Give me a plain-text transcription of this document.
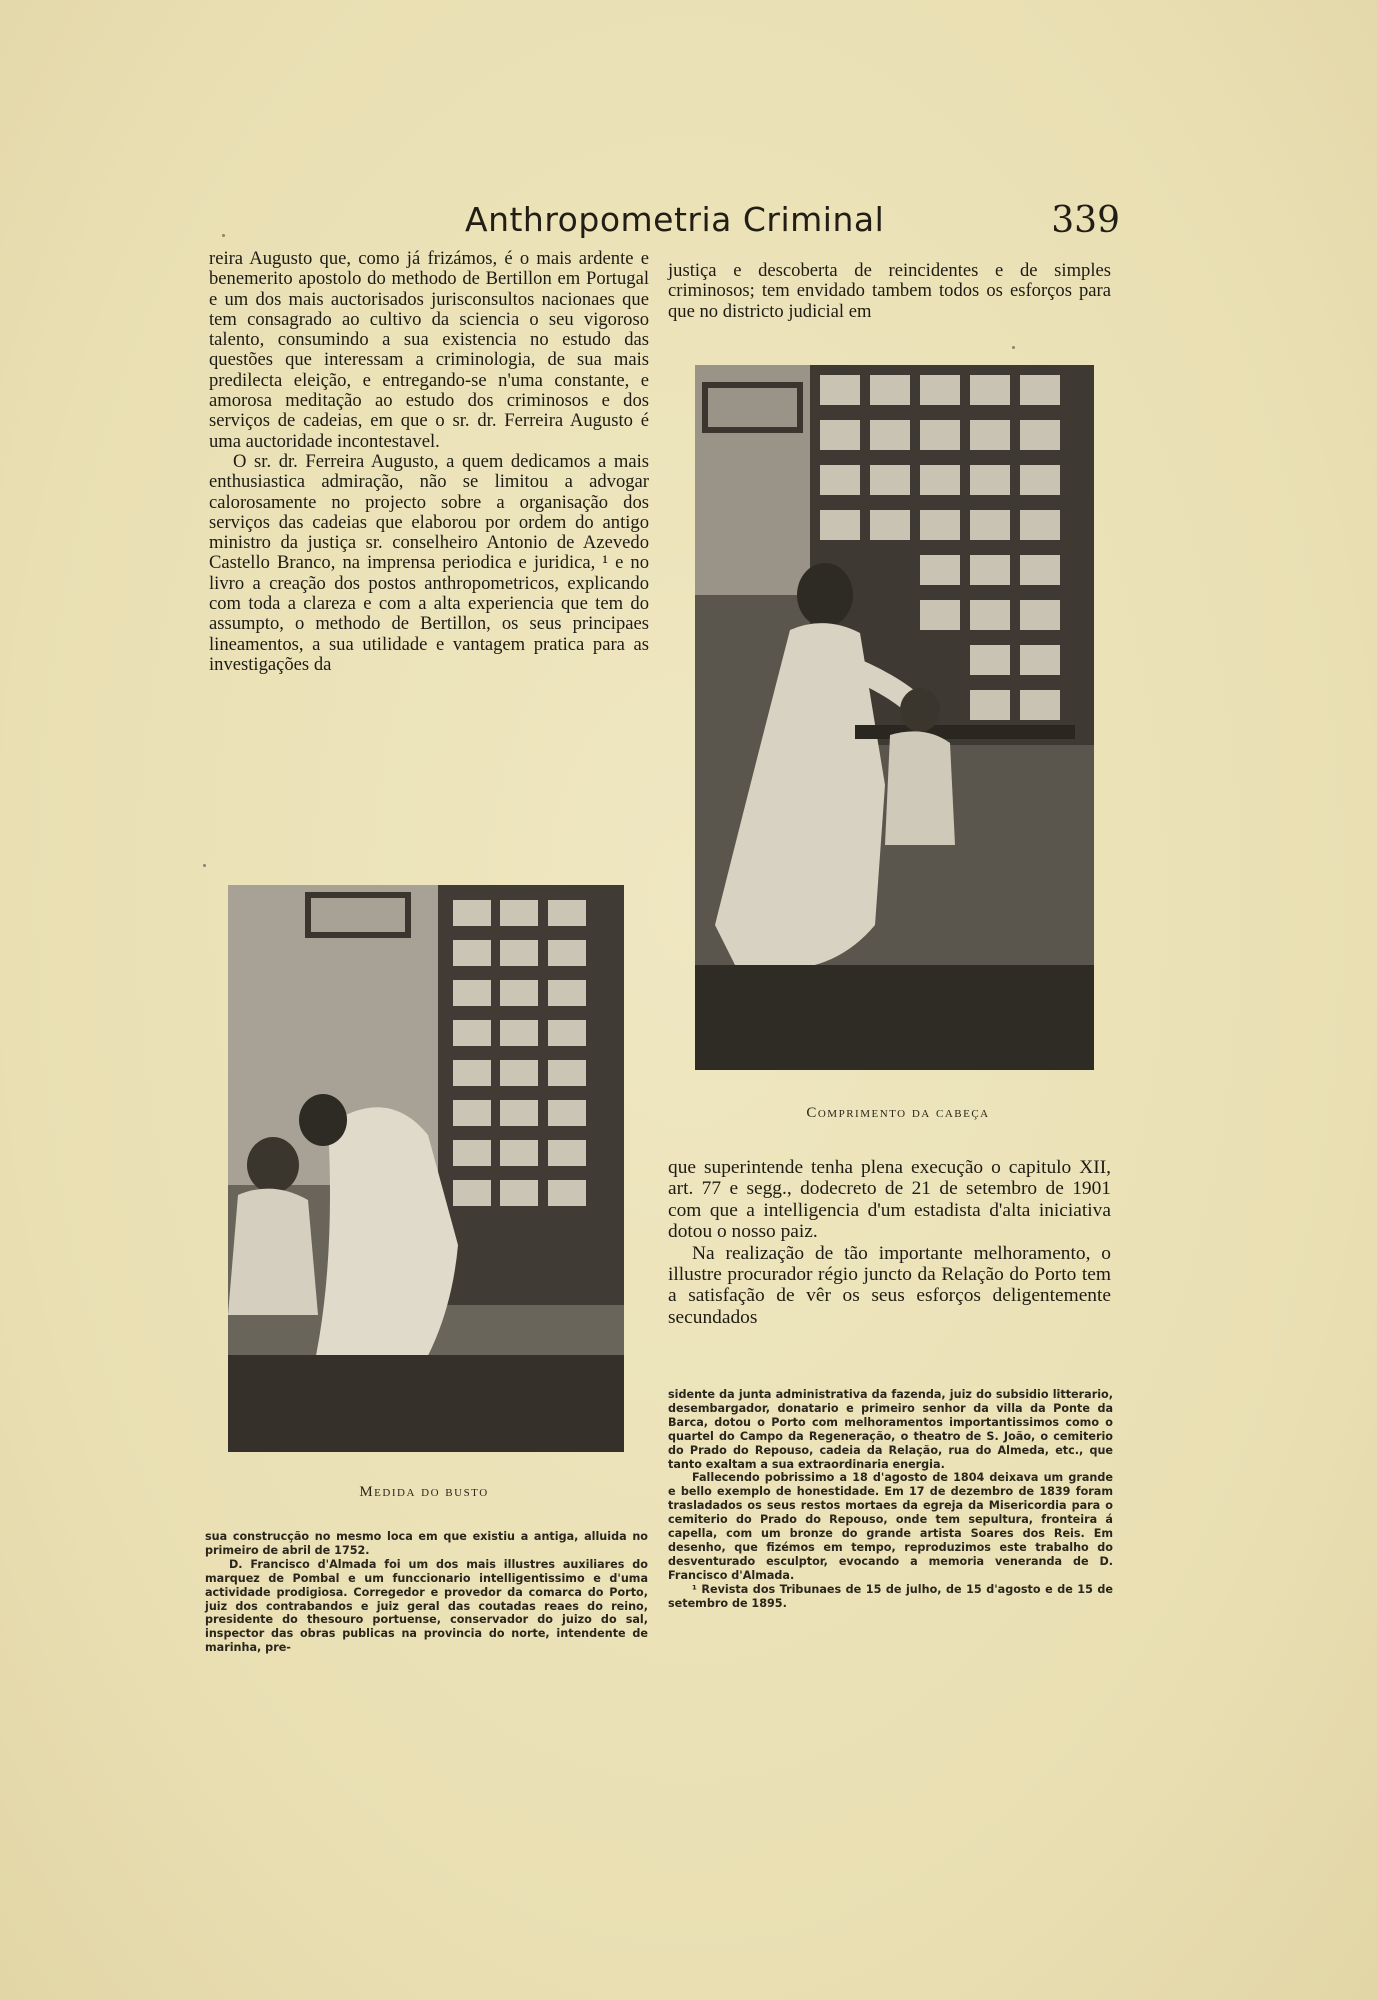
Anthropometria Criminal	339

reira Augusto que, como já frizámos, é o mais ardente e benemerito apostolo do methodo de Bertillon em Portugal e um dos mais auctorisados jurisconsultos nacionaes que tem consagrado ao cultivo da sciencia o seu vigoroso talento, consumindo a sua existencia no estudo das questões que interessam a criminologia, de sua mais predilecta eleição, e entregando-se n'uma constante, e amorosa meditação ao estudo dos criminosos e dos serviços de cadeias, em que o sr. dr. Ferreira Augusto é uma auctoridade incontestavel.

O sr. dr. Ferreira Augusto, a quem dedicamos a mais enthusiastica admiração, não se limitou a advogar calorosamente no projecto sobre a organisação dos serviços das cadeias que elaborou por ordem do antigo ministro da justiça sr. conselheiro Antonio de Azevedo Castello Branco, na imprensa periodica e juridica, ¹ e no livro a creação dos postos anthropometricos, explicando com toda a clareza e com a alta experiencia que tem do assumpto, o methodo de Bertillon, os seus principaes lineamentos, a sua utilidade e vantagem pratica para as investigações da

justiça e descoberta de reincidentes e de simples criminosos; tem envidado tambem todos os esforços para que no districto judicial em

Comprimento da cabeça

que superintende tenha plena execução o capitulo XII, art. 77 e segg., dodecreto de 21 de setembro de 1901 com que a intelligencia d'um estadista d'alta iniciativa dotou o nosso paiz.

Na realização de tão importante melhoramento, o illustre procurador régio juncto da Relação do Porto tem a satisfação de vêr os seus esforços deligentemente secundados

Medida do busto

sua construcção no mesmo loca em que existiu a antiga, alluida no primeiro de abril de 1752.

D. Francisco d'Almada foi um dos mais illustres auxiliares do marquez de Pombal e um funccionario intelligentissimo e d'uma actividade prodigiosa. Corregedor e provedor da comarca do Porto, juiz dos contrabandos e juiz geral das coutadas reaes do reino, presidente do thesouro portuense, conservador do juizo do sal, inspector das obras publicas na provincia do norte, intendente de marinha, pre-

sidente da junta administrativa da fazenda, juiz do subsidio litterario, desembargador, donatario e primeiro senhor da villa da Ponte da Barca, dotou o Porto com melhoramentos importantissimos como o quartel do Campo da Regeneração, o theatro de S. João, o cemiterio do Prado do Repouso, cadeia da Relação, rua do Almeda, etc., que tanto exaltam a sua extraordinaria energia.

Fallecendo pobrissimo a 18 d'agosto de 1804 deixava um grande e bello exemplo de honestidade. Em 17 de dezembro de 1839 foram trasladados os seus restos mortaes da egreja da Misericordia para o cemiterio do Prado do Repouso, onde tem sepultura, fronteira á capella, com um bronze do grande artista Soares dos Reis. Em desenho, que fizémos em tempo, reproduzimos este trabalho do desventurado esculptor, evocando a memoria veneranda de D. Francisco d'Almada.

¹ Revista dos Tribunaes de 15 de julho, de 15 d'agosto e de 15 de setembro de 1895.
